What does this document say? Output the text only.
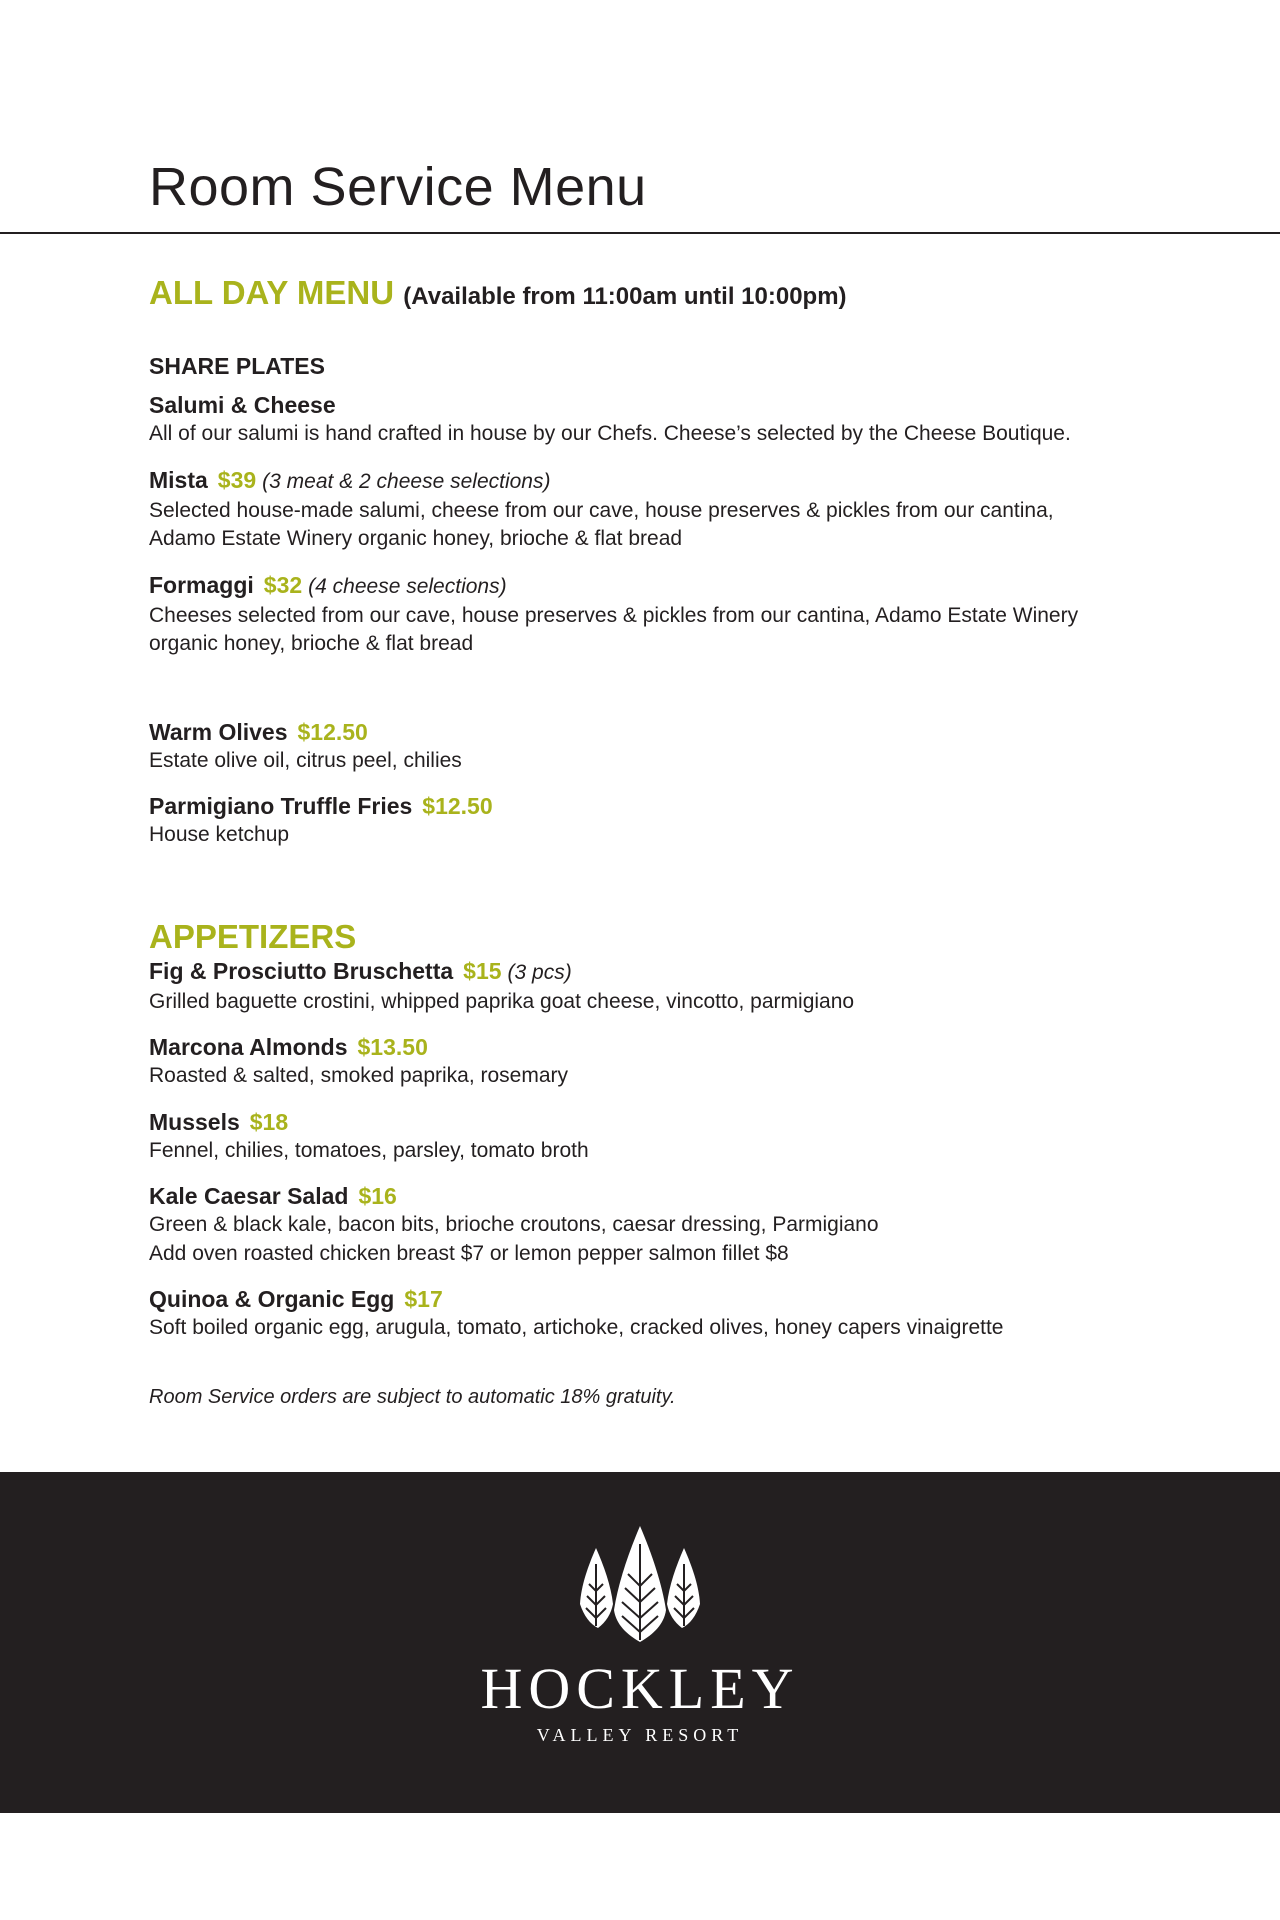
Room Service Menu
ALL DAY MENU (Available from 11:00am until 10:00pm)
SHARE PLATES
Salumi & Cheese
All of our salumi is hand crafted in house by our Chefs. Cheese’s selected by the Cheese Boutique.
Mista $39 (3 meat & 2 cheese selections)
Selected house-made salumi, cheese from our cave, house preserves & pickles from our cantina,
Adamo Estate Winery organic honey, brioche & flat bread
Formaggi $32 (4 cheese selections)
Cheeses selected from our cave, house preserves & pickles from our cantina, Adamo Estate Winery
organic honey, brioche & flat bread
Warm Olives $12.50
Estate olive oil, citrus peel, chilies
Parmigiano Truffle Fries $12.50
House ketchup
APPETIZERS
Fig & Prosciutto Bruschetta $15 (3 pcs)
Grilled baguette crostini, whipped paprika goat cheese, vincotto, parmigiano
Marcona Almonds $13.50
Roasted & salted, smoked paprika, rosemary
Mussels $18
Fennel, chilies, tomatoes, parsley, tomato broth
Kale Caesar Salad $16
Green & black kale, bacon bits, brioche croutons, caesar dressing, Parmigiano
Add oven roasted chicken breast $7 or lemon pepper salmon fillet $8
Quinoa & Organic Egg $17
Soft boiled organic egg, arugula, tomato, artichoke, cracked olives, honey capers vinaigrette
Room Service orders are subject to automatic 18% gratuity.
HOCKLEY
VALLEY RESORT
